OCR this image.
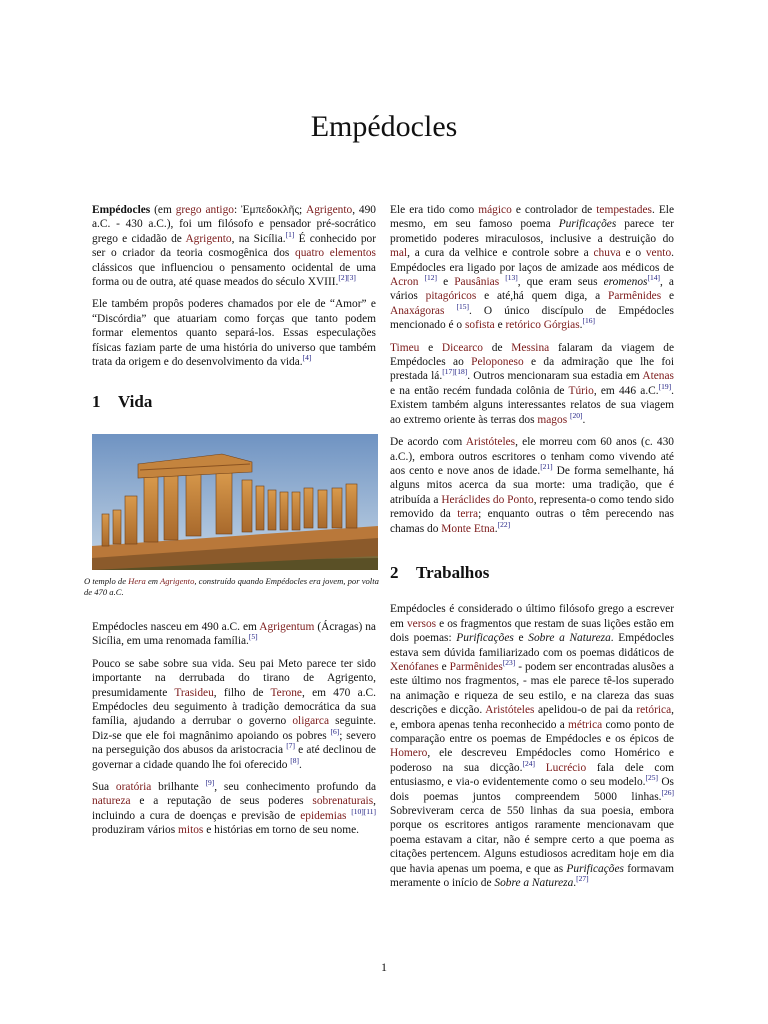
Empédocles

Empédocles (em grego antigo: Ἐμπεδοκλῆς; Agrigento, 490 a.C. - 430 a.C.), foi um filósofo e pensador pré-socrático grego e cidadão de Agrigento, na Sicília.[1] É conhecido por ser o criador da teoria cosmogênica dos quatro elementos clássicos que influenciou o pensamento ocidental de uma forma ou de outra, até quase meados do século XVIII.[2][3]

Ele também propôs poderes chamados por ele de “Amor” e “Discórdia” que atuariam como forças que tanto podem formar elementos quanto separá-los. Essas especulações físicas faziam parte de uma história do universo que também trata da origem e do desenvolvimento da vida.[4]

1 Vida
O templo de Hera em Agrigento, construído quando Empédocles era jovem, por volta de 470 a.C.

Empédocles nasceu em 490 a.C. em Agrigentum (Ácragas) na Sicília, em uma renomada família.[5]

Pouco se sabe sobre sua vida. Seu pai Meto parece ter sido importante na derrubada do tirano de Agrigento, presumidamente Trasideu, filho de Terone, em 470 a.C. Empédocles deu seguimento à tradição democrática da sua família, ajudando a derrubar o governo oligarca seguinte. Diz-se que ele foi magnânimo apoiando os pobres [6]; severo na perseguição dos abusos da aristocracia [7] e até declinou de governar a cidade quando lhe foi oferecido [8].

Sua oratória brilhante [9], seu conhecimento profundo da natureza e a reputação de seus poderes sobrenaturais, incluindo a cura de doenças e previsão de epidemias [10][11] produziram vários mitos e histórias em torno de seu nome.

Ele era tido como mágico e controlador de tempestades. Ele mesmo, em seu famoso poema Purificações parece ter prometido poderes miraculosos, inclusive a destruição do mal, a cura da velhice e controle sobre a chuva e o vento. Empédocles era ligado por laços de amizade aos médicos de Acron [12] e Pausânias [13], que eram seus eromenos[14], a vários pitagóricos e até,há quem diga, a Parmênides e Anaxágoras [15]. O único discípulo de Empédocles mencionado é o sofista e retórico Górgias.[16]

Timeu e Dicearco de Messina falaram da viagem de Empédocles ao Peloponeso e da admiração que lhe foi prestada lá.[17][18]. Outros mencionaram sua estadia em Atenas e na então recém fundada colônia de Túrio, em 446 a.C.[19]. Existem também alguns interessantes relatos de sua viagem ao extremo oriente às terras dos magos [20].

De acordo com Aristóteles, ele morreu com 60 anos (c. 430 a.C.), embora outros escritores o tenham como vivendo até aos cento e nove anos de idade.[21] De forma semelhante, há alguns mitos acerca da sua morte: uma tradição, que é atribuída a Heráclides do Ponto, representa-o como tendo sido removido da terra; enquanto outras o têm perecendo nas chamas do Monte Etna.[22]

2 Trabalhos

Empédocles é considerado o último filósofo grego a escrever em versos e os fragmentos que restam de suas lições estão em dois poemas: Purificações e Sobre a Natureza. Empédocles estava sem dúvida familiarizado com os poemas didáticos de Xenófanes e Parmênides[23] - podem ser encontradas alusões a este último nos fragmentos, - mas ele parece tê-los superado na animação e riqueza de seu estilo, e na clareza das suas descrições e dicção. Aristóteles apelidou-o de pai da retórica, e, embora apenas tenha reconhecido a métrica como ponto de comparação entre os poemas de Empédocles e os épicos de Homero, ele descreveu Empédocles como Homérico e poderoso na sua dicção.[24] Lucrécio fala dele com entusiasmo, e via-o evidentemente como o seu modelo.[25] Os dois poemas juntos compreendem 5000 linhas.[26] Sobreviveram cerca de 550 linhas da sua poesia, embora porque os escritores antigos raramente mencionavam que poema estavam a citar, não é sempre certo a que poema as citações pertencem. Alguns estudiosos acreditam hoje em dia que havia apenas um poema, e que as Purificações formavam meramente o início de Sobre a Natureza.[27]

1
